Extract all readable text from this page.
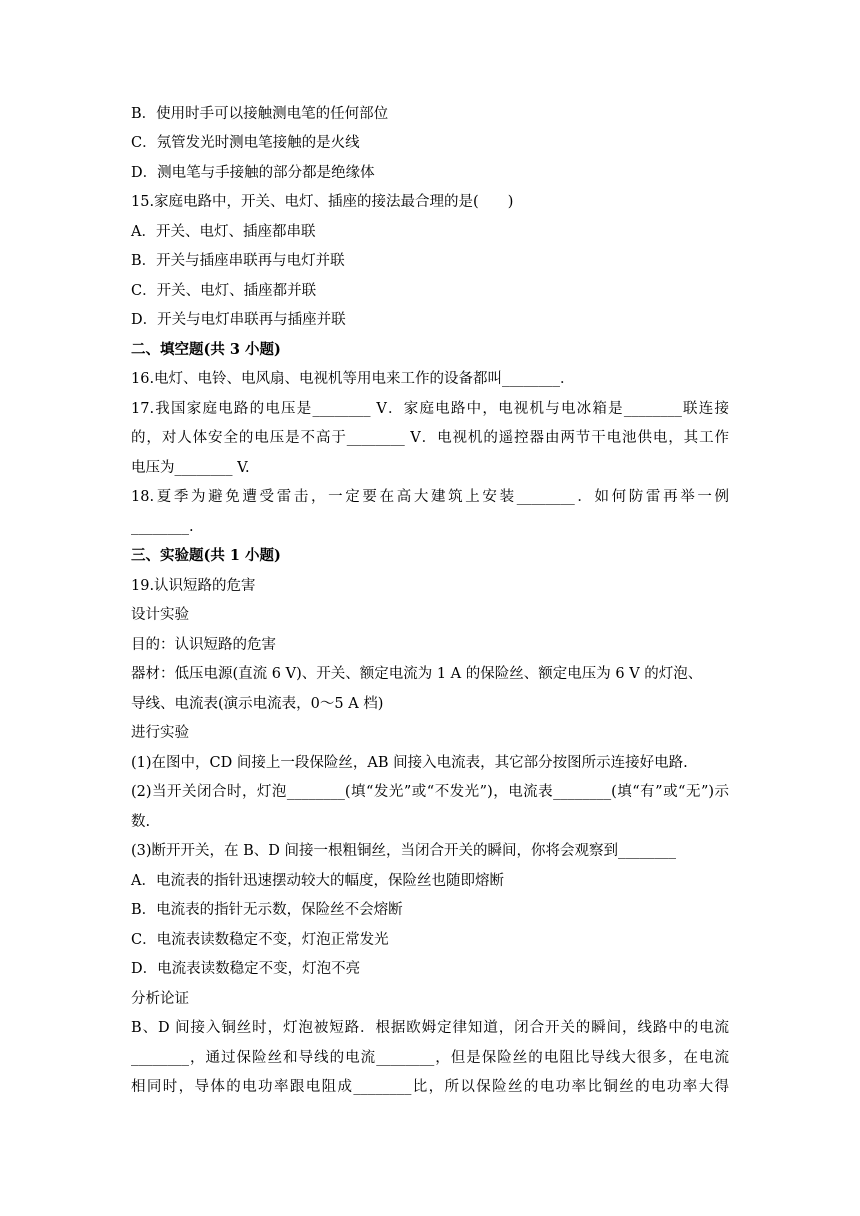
B．使用时手可以接触测电笔的任何部位
C．氖管发光时测电笔接触的是火线
D．测电笔与手接触的部分都是绝缘体
15.家庭电路中，开关、电灯、插座的接法最合理的是(　　)
A．开关、电灯、插座都串联
B．开关与插座串联再与电灯并联
C．开关、电灯、插座都并联
D．开关与电灯串联再与插座并联
二、填空题(共 3 小题)
16.电灯、电铃、电风扇、电视机等用电来工作的设备都叫________．
17.我国家庭电路的电压是________ V．家庭电路中，电视机与电冰箱是________联连接
的，对人体安全的电压是不高于________ V．电视机的遥控器由两节干电池供电，其工作
电压为________ V.
18.夏季为避免遭受雷击，一定要在高大建筑上安装________．如何防雷再举一例
________.
三、实验题(共 1 小题)
19.认识短路的危害
设计实验
目的：认识短路的危害
器材：低压电源(直流 6 V)、开关、额定电流为 1 A 的保险丝、额定电压为 6 V 的灯泡、
导线、电流表(演示电流表，0～5 A 档)
进行实验
(1)在图中，CD 间接上一段保险丝，AB 间接入电流表，其它部分按图所示连接好电路.
(2)当开关闭合时，灯泡________(填“发光”或“不发光”)，电流表________(填“有”或“无”)示
数.
(3)断开开关，在 B、D 间接一根粗铜丝，当闭合开关的瞬间，你将会观察到________
A．电流表的指针迅速摆动较大的幅度，保险丝也随即熔断
B．电流表的指针无示数，保险丝不会熔断
C．电流表读数稳定不变，灯泡正常发光
D．电流表读数稳定不变，灯泡不亮
分析论证
B、D 间接入铜丝时，灯泡被短路．根据欧姆定律知道，闭合开关的瞬间，线路中的电流
________，通过保险丝和导线的电流________，但是保险丝的电阻比导线大很多，在电流
相同时，导体的电功率跟电阻成________比，所以保险丝的电功率比铜丝的电功率大得
